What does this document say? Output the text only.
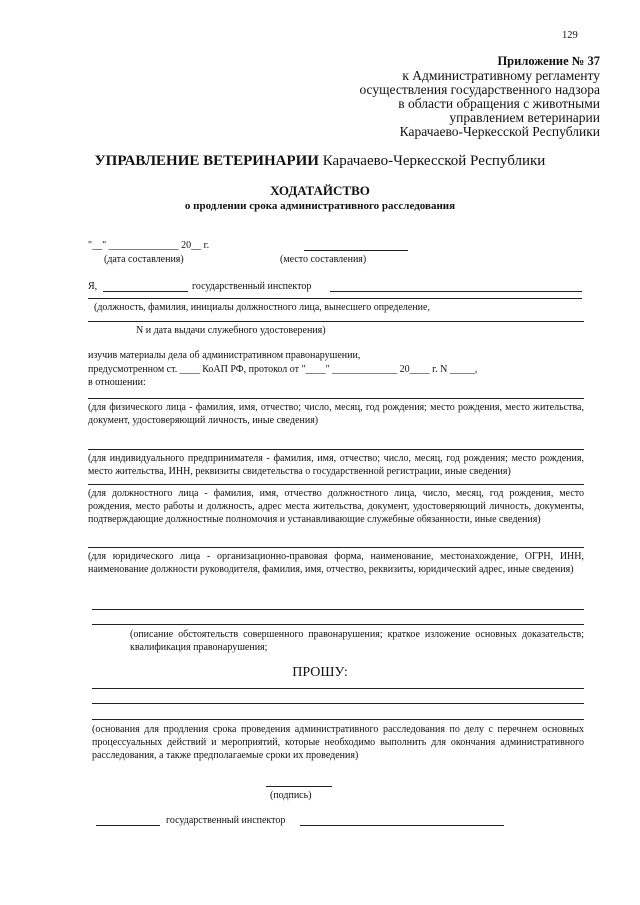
129
Приложение № 37
к Административному регламенту
осуществления государственного надзора
в области обращения с животными
управлением ветеринарии
Карачаево-Черкесской Республики
УПРАВЛЕНИЕ ВЕТЕРИНАРИИ Карачаево-Черкесской Республики
ХОДАТАЙСТВО
о продлении срока административного расследования
"__" ______________ 20__ г.
(дата составления)	(место составления)
Я,	государственный инспектор
(должность, фамилия, инициалы должностного лица, вынесшего определение,
N и дата выдачи служебного удостоверения)
изучив материалы дела об административном правонарушении,
предусмотренном ст. ____ КоАП РФ, протокол от "____" _____________ 20____ г. N _____,
в отношении:
(для физического лица - фамилия, имя, отчество; число, месяц, год рождения; место рождения, место жительства, документ, удостоверяющий личность, иные сведения)
(для индивидуального предпринимателя - фамилия, имя, отчество; число, месяц, год рождения; место рождения, место жительства, ИНН, реквизиты свидетельства о государственной регистрации, иные сведения)
(для должностного лица - фамилия, имя, отчество должностного лица, число, месяц, год рождения, место рождения, место работы и должность, адрес места жительства, документ, удостоверяющий личность, документы, подтверждающие должностные полномочия и устанавливающие служебные обязанности, иные сведения)
(для юридического лица - организационно-правовая форма, наименование, местонахождение, ОГРН, ИНН, наименование должности руководителя, фамилия, имя, отчество, реквизиты, юридический адрес, иные сведения)
(описание обстоятельств совершенного правонарушения; краткое изложение основных доказательств; квалификация правонарушения;
ПРОШУ:
(основания для продления срока проведения административного расследования по делу с перечнем основных процессуальных действий и мероприятий, которые необходимо выполнить для окончания административного расследования, а также предполагаемые сроки их проведения)
(подпись)
государственный инспектор
